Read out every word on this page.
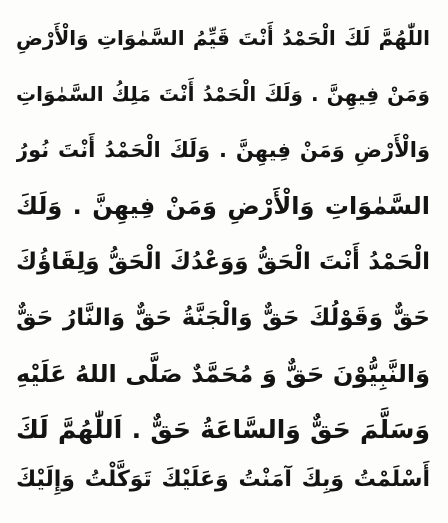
اللّٰهُمَّ لَكَ الْحَمْدُ أَنْتَ قَيِّمُ السَّمٰوَاتِ وَالْأَرْضِ
وَمَنْ فِيهِنَّ . وَلَكَ الْحَمْدُ أَنْتَ مَلِكُ السَّمٰوَاتِ
وَالْأَرْضِ وَمَنْ فِيهِنَّ . وَلَكَ الْحَمْدُ أَنْتَ نُورُ
السَّمٰوَاتِ وَالْأَرْضِ وَمَنْ فِيهِنَّ . وَلَكَ
الْحَمْدُ أَنْتَ الْحَقُّ وَوَعْدُكَ الْحَقُّ وَلِقَاؤُكَ
حَقٌّ وَقَوْلُكَ حَقٌّ وَالْجَنَّةُ حَقٌّ وَالنَّارُ حَقٌّ
وَالنَّبِيُّوْنَ حَقٌّ وَ مُحَمَّدٌ صَلَّى اللهُ عَلَيْهِ
وَسَلَّمَ حَقٌّ وَالسَّاعَةُ حَقٌّ . اَللّٰهُمَّ لَكَ
أَسْلَمْتُ وَبِكَ آمَنْتُ وَعَلَيْكَ تَوَكَّلْتُ وَإِلَيْكَ
